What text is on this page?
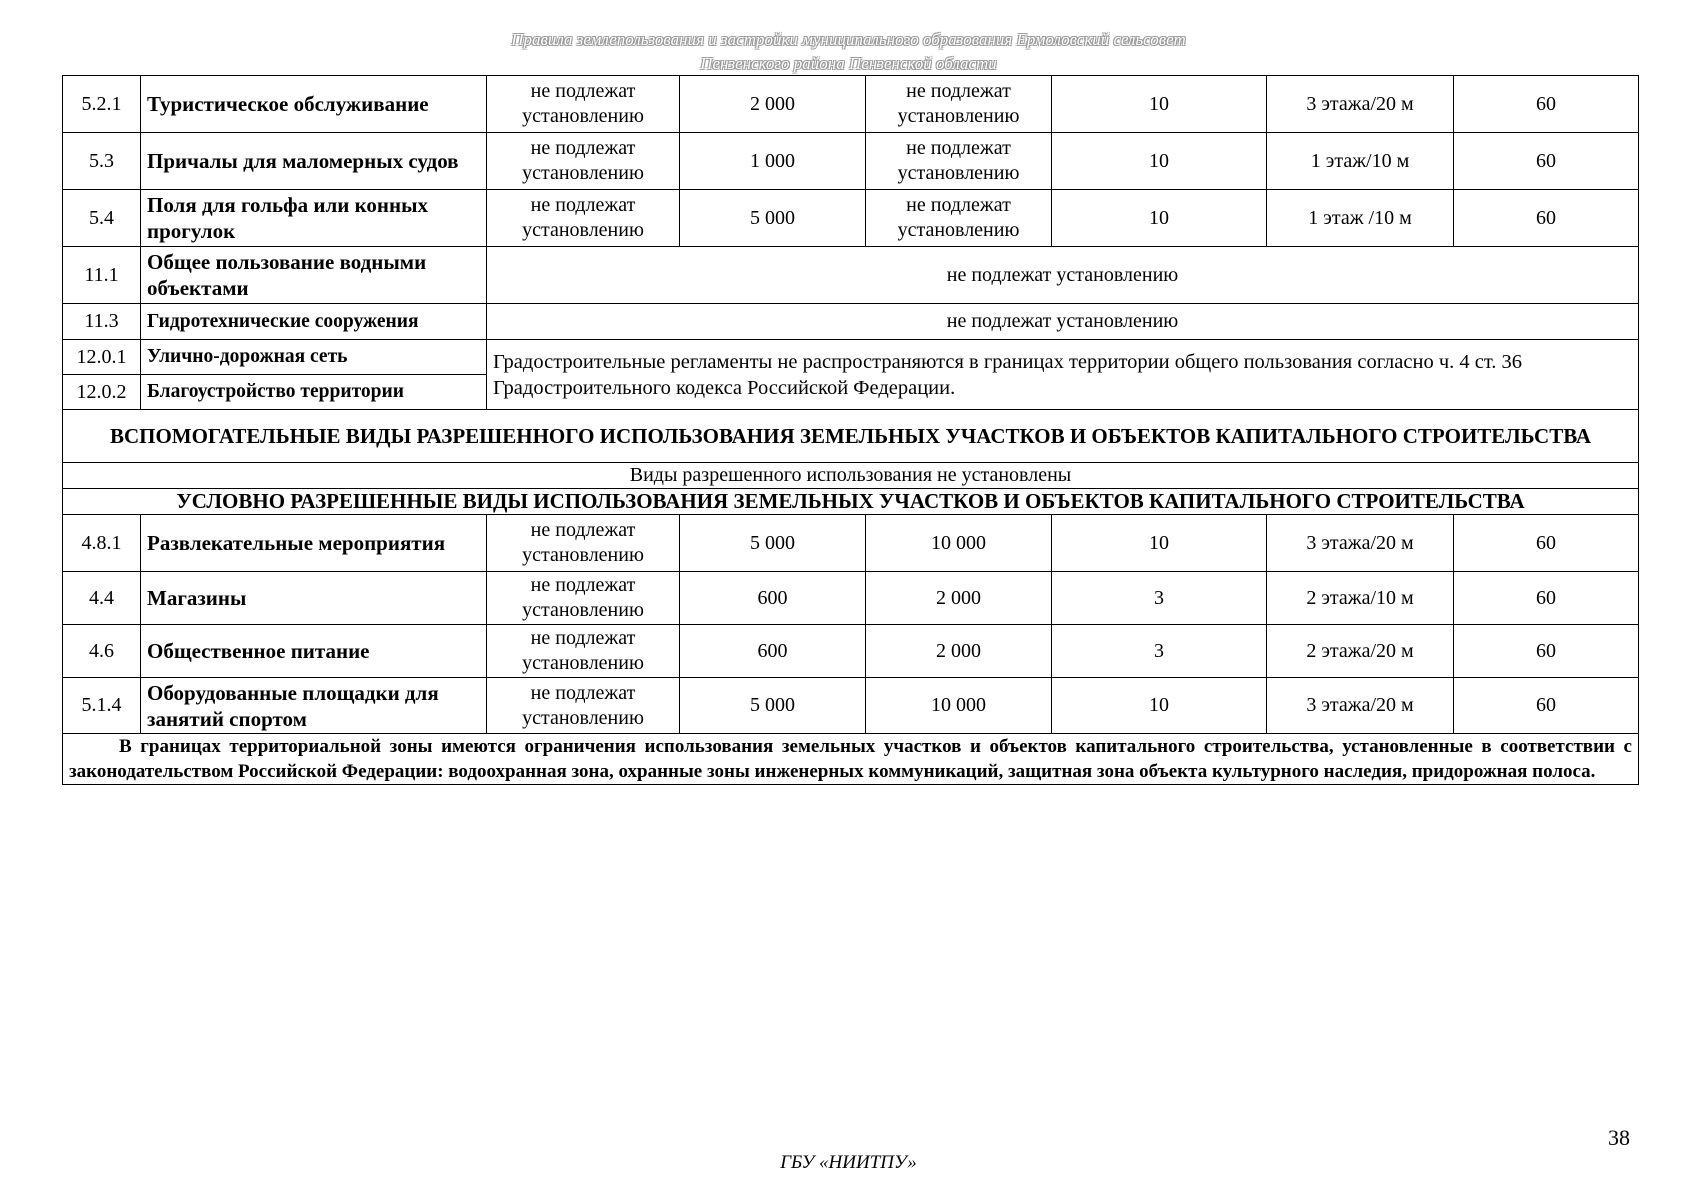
Правила землепользования и застройки муниципального образования Ермоловский сельсовет
Пензенского района Пензенской области
5.2.1	Туристическое обслуживание	не подлежат установлению	2 000	не подлежат установлению	10	3 этажа/20 м	60
5.3	Причалы для маломерных судов	не подлежат установлению	1 000	не подлежат установлению	10	1 этаж/10 м	60
5.4	Поля для гольфа или конных прогулок	не подлежат установлению	5 000	не подлежат установлению	10	1 этаж /10 м	60
11.1	Общее пользование водными объектами	не подлежат установлению					
11.3	Гидротехнические сооружения	не подлежат установлению					
12.0.1	Улично-дорожная сеть	Градостроительные регламенты не распространяются в границах территории общего пользования согласно ч. 4 ст. 36 Градостроительного кодекса Российской Федерации.					
12.0.2	Благоустройство территории						
ВСПОМОГАТЕЛЬНЫЕ ВИДЫ РАЗРЕШЕННОГО ИСПОЛЬЗОВАНИЯ ЗЕМЕЛЬНЫХ УЧАСТКОВ И ОБЪЕКТОВ КАПИТАЛЬНОГО СТРОИТЕЛЬСТВА							
Виды разрешенного использования не установлены							
УСЛОВНО РАЗРЕШЕННЫЕ ВИДЫ ИСПОЛЬЗОВАНИЯ ЗЕМЕЛЬНЫХ УЧАСТКОВ И ОБЪЕКТОВ КАПИТАЛЬНОГО СТРОИТЕЛЬСТВА							
4.8.1	Развлекательные мероприятия	не подлежат установлению	5 000	10 000	10	3 этажа/20 м	60
4.4	Магазины	не подлежат установлению	600	2 000	3	2 этажа/10 м	60
4.6	Общественное питание	не подлежат установлению	600	2 000	3	2 этажа/20 м	60
5.1.4	Оборудованные площадки для занятий спортом	не подлежат установлению	5 000	10 000	10	3 этажа/20 м	60
В границах территориальной зоны имеются ограничения использования земельных участков и объектов капитального строительства, установленные в соответствии с законодательством Российской Федерации: водоохранная зона, охранные зоны инженерных коммуникаций, защитная зона объекта культурного наследия, придорожная полоса.							
38
ГБУ «НИИТПУ»
